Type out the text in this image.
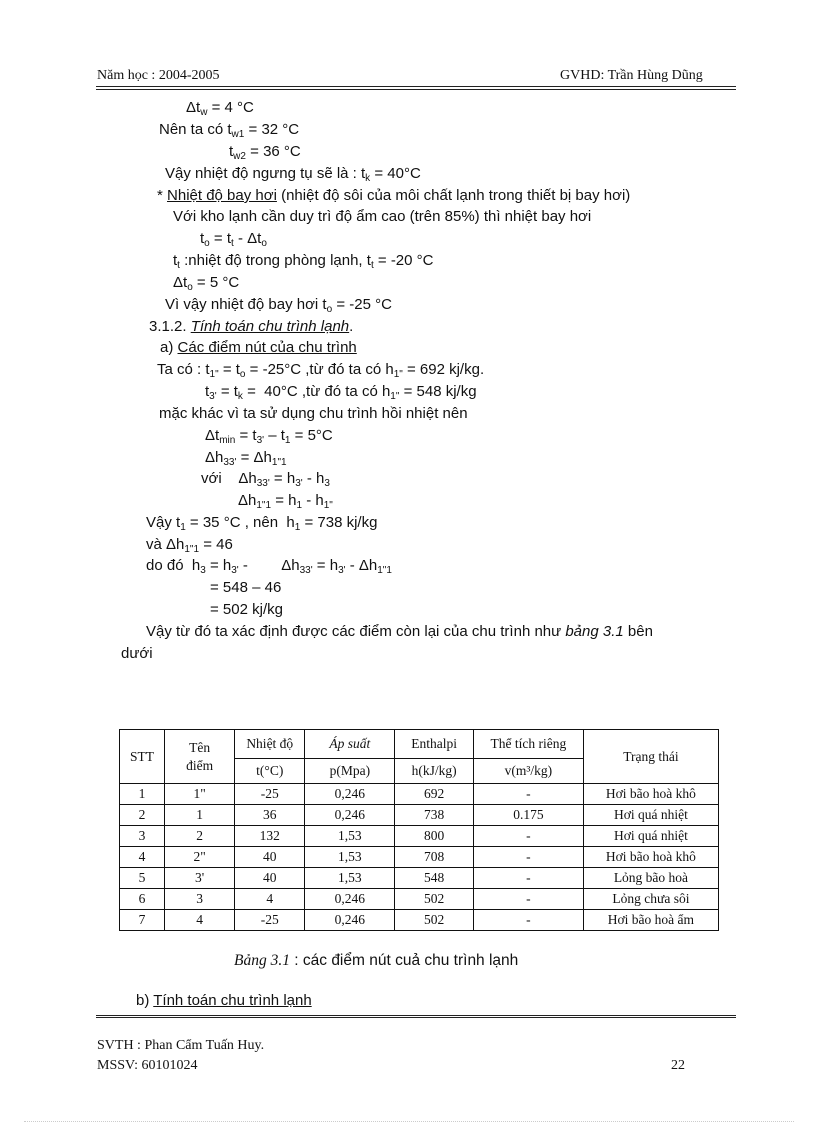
Năm học : 2004-2005	GVHD: Trần Hùng Dũng
$\Delta t_w = 4$ °C
Nên ta có $t_{w1} = 32$ °C
$t_{w2} = 36$ °C
Vậy nhiệt độ ngưng tụ sẽ là : $t_k = 40^\circ C$
* Nhiệt độ bay hơi (nhiệt độ sôi của môi chất lạnh trong thiết bị bay hơi)
Với kho lạnh cần duy trì độ ẩm cao (trên 85%) thì nhiệt bay hơi
$t_o = t_t - \Delta t_o$
$t_t$ :nhiệt độ trong phòng lạnh, $t_t = -20$ °C
$\Delta t_o = 5$ °C
Vì vậy nhiệt độ bay hơi $t_o = -25$ °C
3.1.2. Tính toán chu trình lạnh.
a) Các điểm nút của chu trình
Ta có : $t_{1"} = t_o = -25^\circ C$ ,từ đó ta có $h_{1"} = 692$ kj/kg.
$t_{3'} = t_k = 40^\circ C$ ,từ đó ta có $h_{1"} = 548$ kj/kg
mặc khác vì ta sử dụng chu trình hồi nhiệt nên
$\Delta t_{min} = t_{3'} - t_1 = 5^\circ C$
$\Delta h_{33'} = \Delta h_{1"1}$
với    $\Delta h_{33'} = h_{3'} - h_3$
$\Delta h_{1"1} = h_1 - h_{1"}$
Vậy $t_1 = 35$ °C , nên  $h_1 = 738$ kj/kg
và $\Delta h_{1"1} = 46$
do đó  $h_3 = h_{3'}$ -        $\Delta h_{33'} = h_{3'} - \Delta h_{1"1}$
= 548 – 46
= 502 kj/kg
Vậy từ đó ta xác định được các điểm còn lại của chu trình như bảng 3.1 bên
dưới
STT	Tên điểm	Nhiệt độ	Áp suất	Enthalpi	Thể tích riêng	Trạng thái
		t(°C)	p(Mpa)	h(kJ/kg)	v(m³/kg)	
1	1"	-25	0,246	692	-	Hơi bão hoà khô
2	1	36	0,246	738	0.175	Hơi quá nhiệt
3	2	132	1,53	800	-	Hơi quá nhiệt
4	2"	40	1,53	708	-	Hơi bão hoà khô
5	3'	40	1,53	548	-	Lỏng bão hoà
6	3	4	0,246	502	-	Lỏng chưa sôi
7	4	-25	0,246	502	-	Hơi bão hoà ẩm
Bảng 3.1 : các điểm nút cuả chu trình lạnh
b) Tính toán chu trình lạnh
SVTH : Phan Cẩm Tuấn Huy.
MSSV: 60101024	22
